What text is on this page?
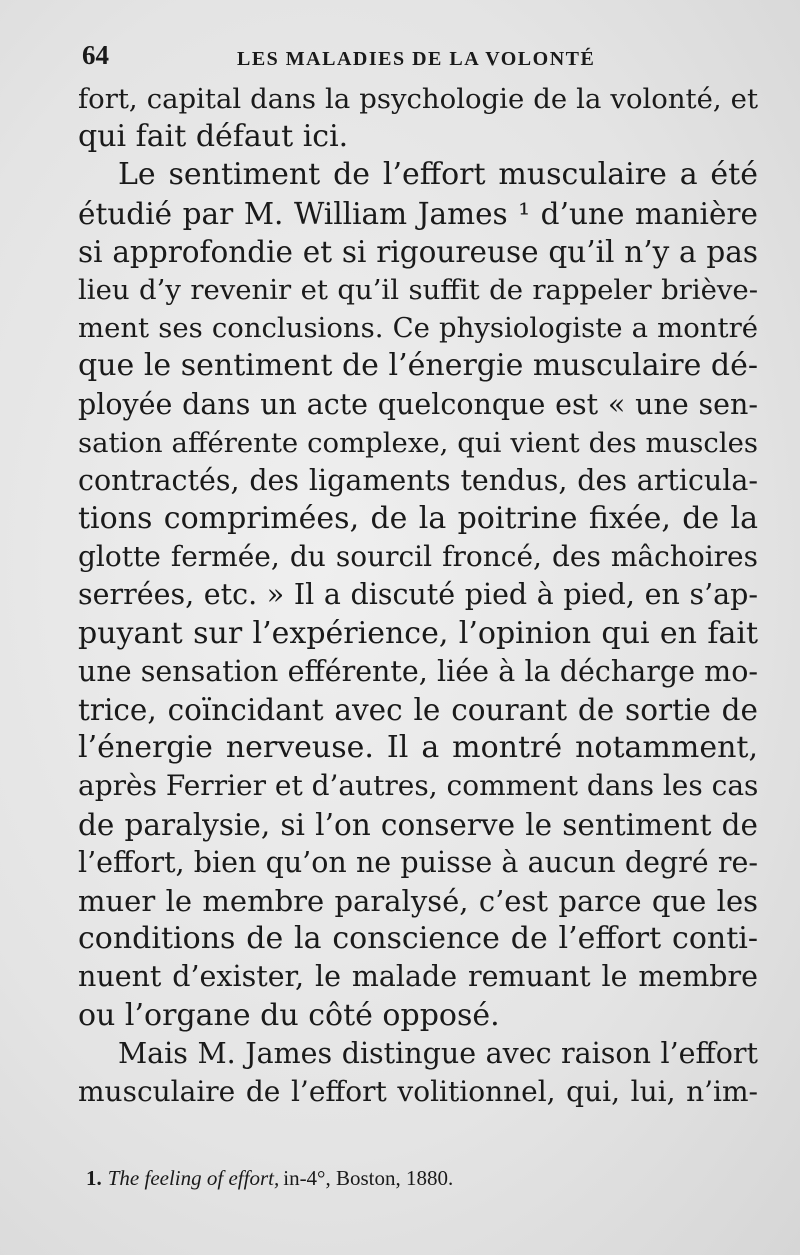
64	LES MALADIES DE LA VOLONTÉ
fort, capital dans la psychologie de la volonté, et
qui fait défaut ici.
Le sentiment de l’effort musculaire a été
étudié par M. William James ¹ d’une manière
si approfondie et si rigoureuse qu’il n’y a pas
lieu d’y revenir et qu’il suffit de rappeler briève-
ment ses conclusions. Ce physiologiste a montré
que le sentiment de l’énergie musculaire dé-
ployée dans un acte quelconque est « une sen-
sation afférente complexe, qui vient des muscles
contractés, des ligaments tendus, des articula-
tions comprimées, de la poitrine fixée, de la
glotte fermée, du sourcil froncé, des mâchoires
serrées, etc. » Il a discuté pied à pied, en s’ap-
puyant sur l’expérience, l’opinion qui en fait
une sensation efférente, liée à la décharge mo-
trice, coïncidant avec le courant de sortie de
l’énergie nerveuse. Il a montré notamment,
après Ferrier et d’autres, comment dans les cas
de paralysie, si l’on conserve le sentiment de
l’effort, bien qu’on ne puisse à aucun degré re-
muer le membre paralysé, c’est parce que les
conditions de la conscience de l’effort conti-
nuent d’exister, le malade remuant le membre
ou l’organe du côté opposé.
Mais M. James distingue avec raison l’effort
musculaire de l’effort volitionnel, qui, lui, n’im-
1. The feeling of effort, in-4°, Boston, 1880.
